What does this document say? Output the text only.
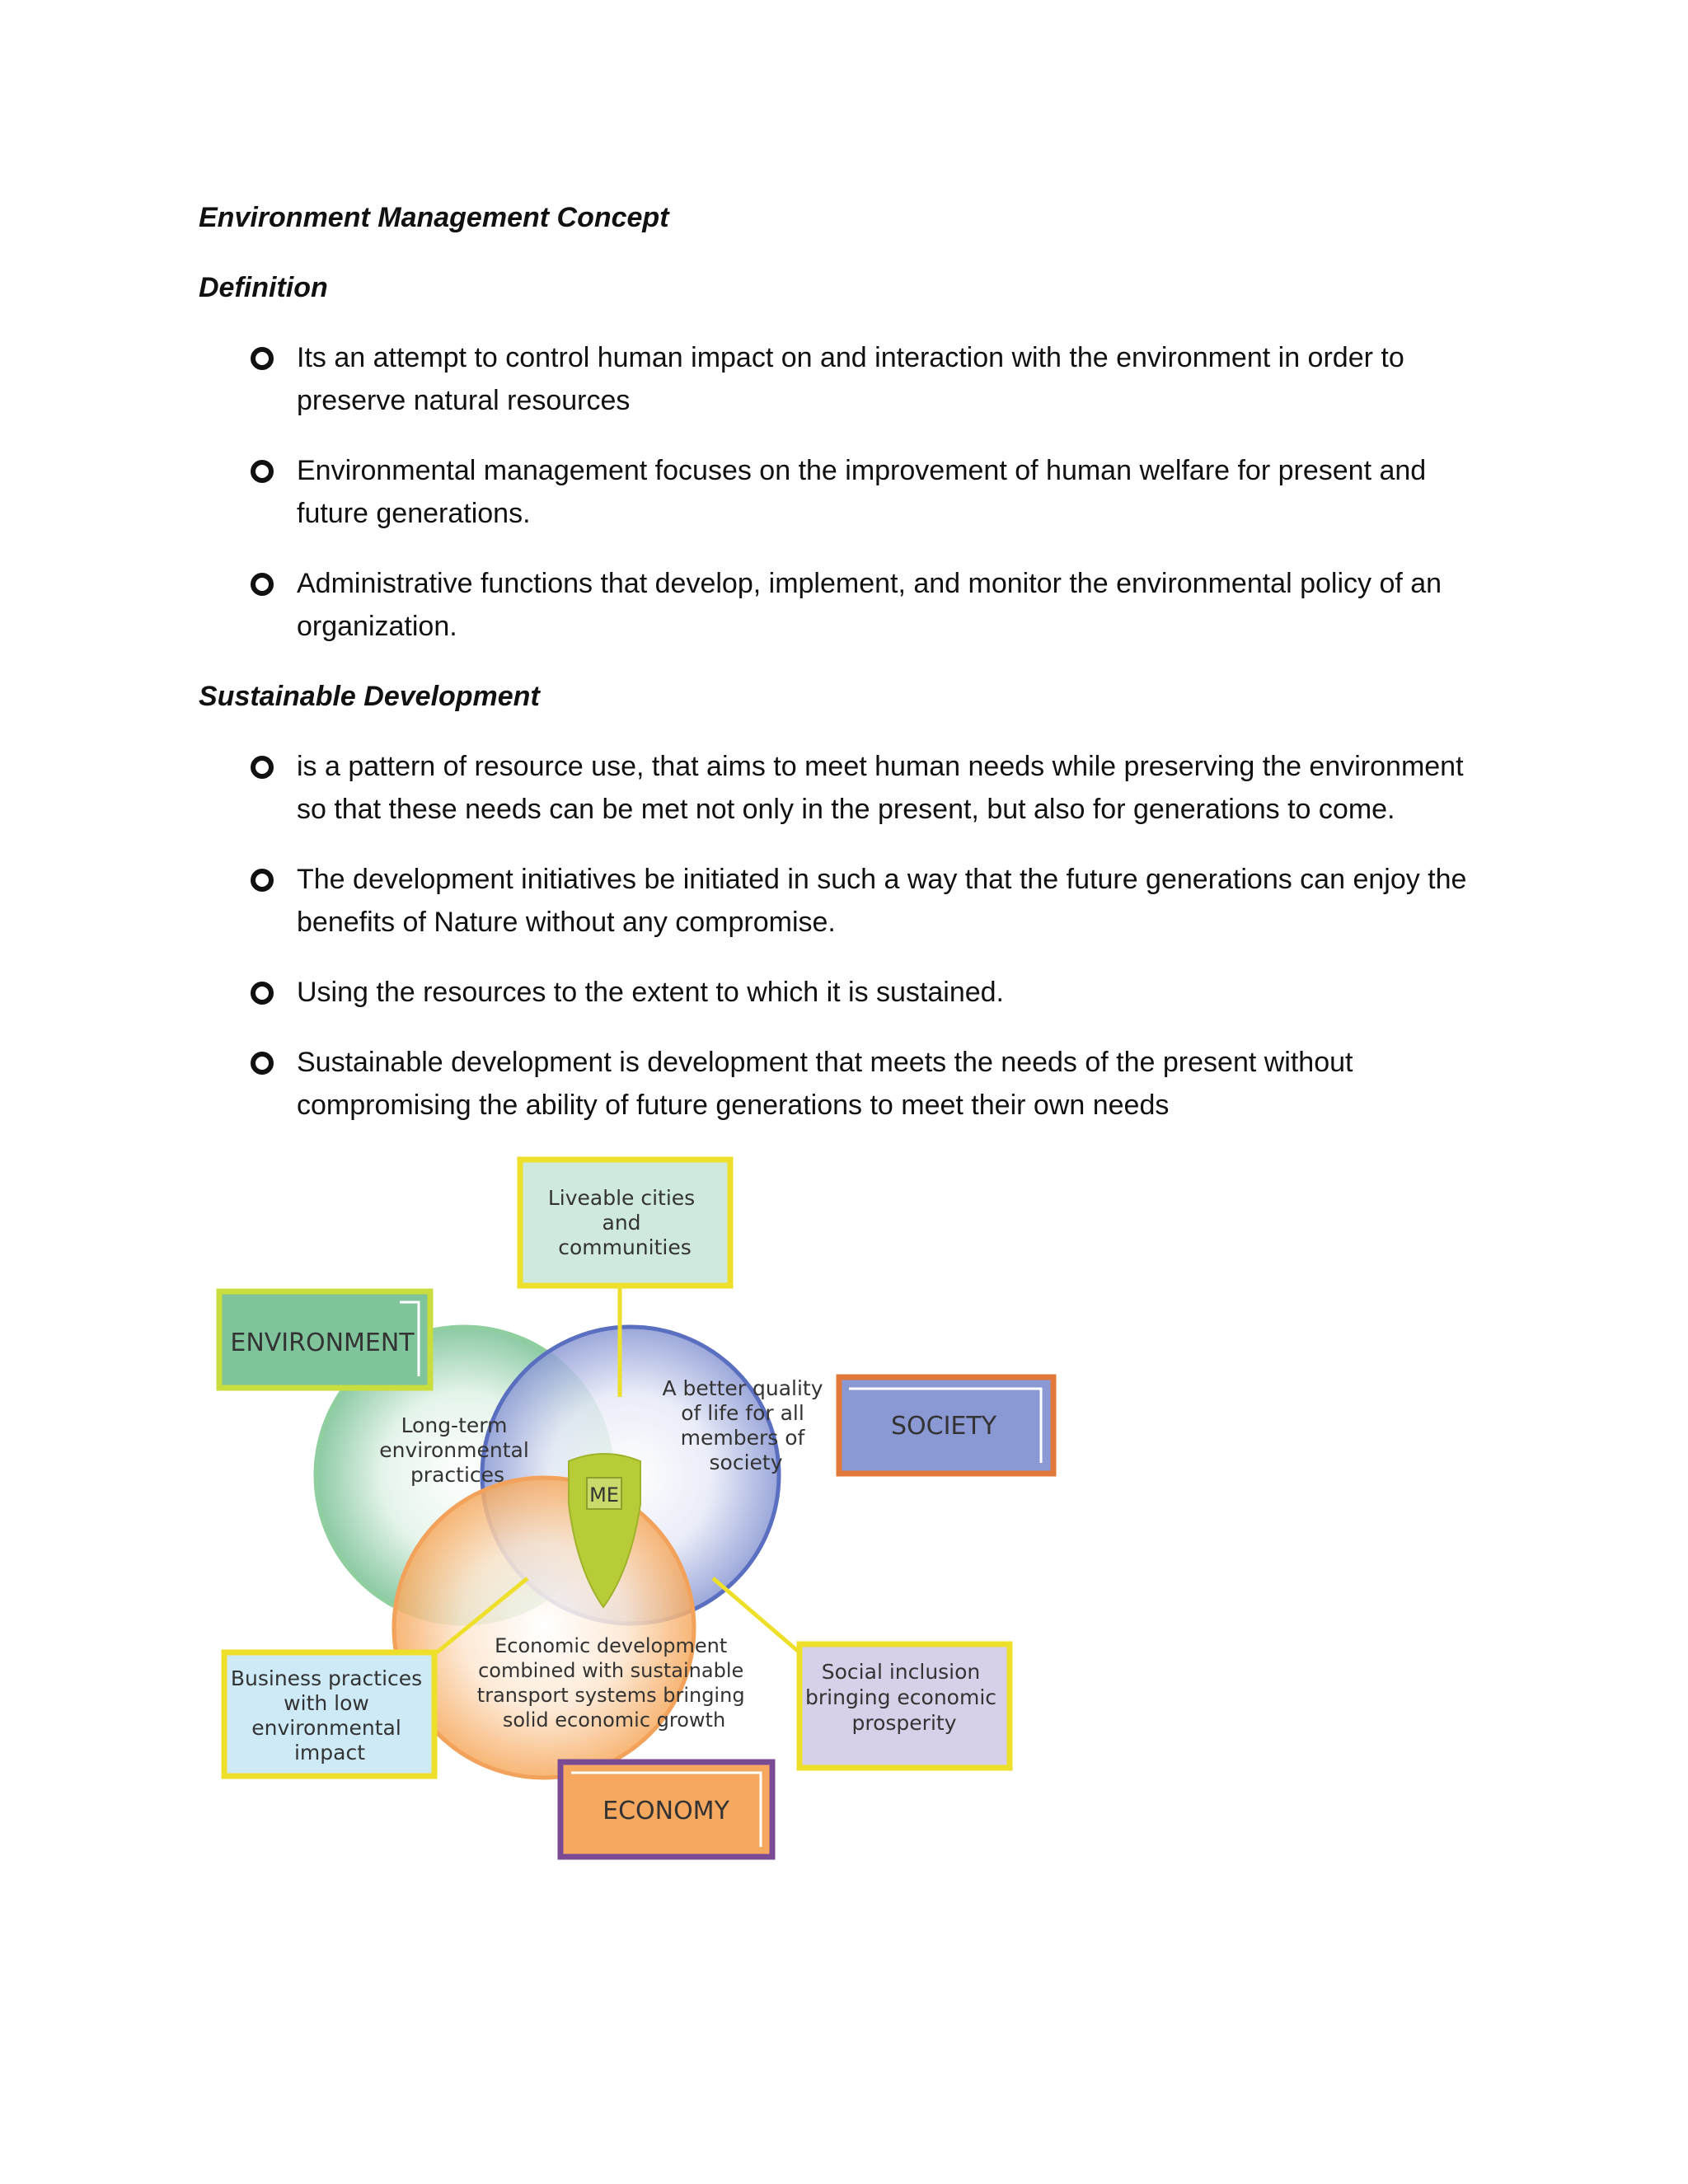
Environment Management Concept
Definition
Its an attempt to control human impact on and interaction with the environment in order to
preserve natural resources
Environmental management focuses on the improvement of human welfare for present and
future generations.
Administrative functions that develop, implement, and monitor the environmental policy of an
organization.
Sustainable Development
is a pattern of resource use, that aims to meet human needs while preserving the environment
so that these needs can be met not only in the present, but also for generations to come.
The development initiatives be initiated in such a way that the future generations can enjoy the
benefits of Nature without any compromise.
Using the resources to the extent to which it is sustained.
Sustainable development is development that meets the needs of the present without
compromising the ability of future generations to meet their own needs
ME
Long-term environmental practices
A better quality of life for all members of society
Economic development combined with sustainable transport systems bringing solid economic growth
Liveable cities and communities
ENVIRONMENT
SOCIETY
Business practices with low environmental impact
Social inclusion bringing economic prosperity
ECONOMY
